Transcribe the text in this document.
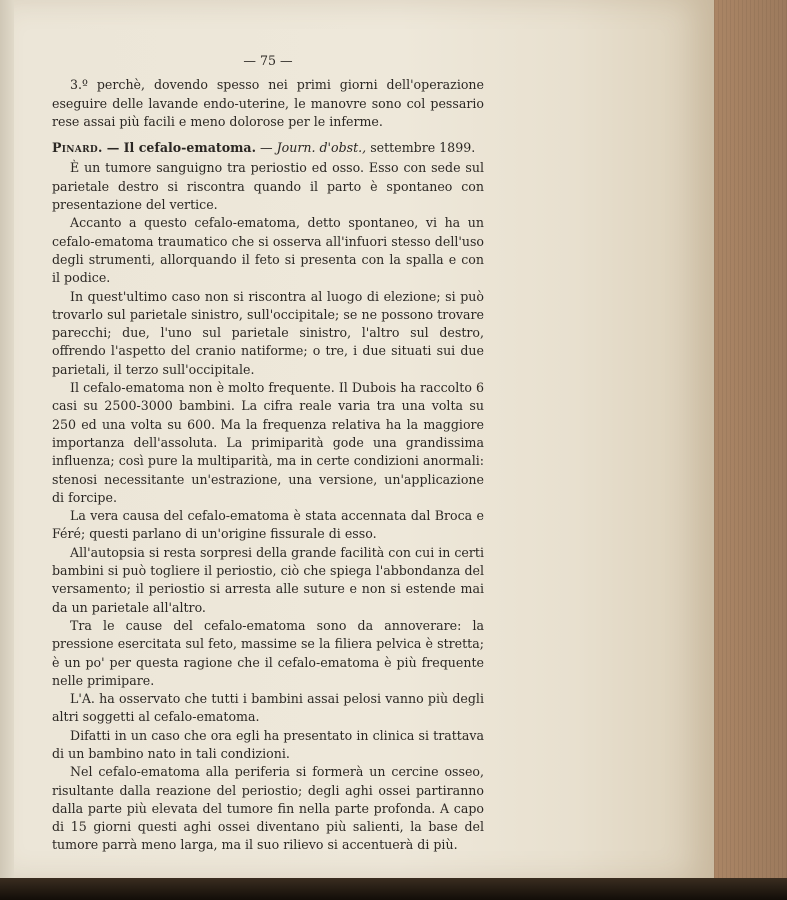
— 75 —

3.º perchè, dovendo spesso nei primi giorni dell'operazione eseguire delle lavande endo-uterine, le manovre sono col pessario rese assai più facili e meno dolorose per le inferme.

Pinard. — Il cefalo-ematoma. — Journ. d'obst., settembre 1899.

È un tumore sanguigno tra periostio ed osso. Esso con sede sul parietale destro si riscontra quando il parto è spontaneo con presentazione del vertice.

Accanto a questo cefalo-ematoma, detto spontaneo, vi ha un cefalo-ematoma traumatico che si osserva all'infuori stesso dell'uso degli strumenti, allorquando il feto si presenta con la spalla e con il podice.

In quest'ultimo caso non si riscontra al luogo di elezione; si può trovarlo sul parietale sinistro, sull'occipitale; se ne possono trovare parecchi; due, l'uno sul parietale sinistro, l'altro sul destro, offrendo l'aspetto del cranio natiforme; o tre, i due situati sui due parietali, il terzo sull'occipitale.

Il cefalo-ematoma non è molto frequente. Il Dubois ha raccolto 6 casi su 2500-3000 bambini. La cifra reale varia tra una volta su 250 ed una volta su 600. Ma la frequenza relativa ha la maggiore importanza dell'assoluta. La primiparità gode una grandissima influenza; così pure la multiparità, ma in certe condizioni anormali: stenosi necessitante un'estrazione, una versione, un'applicazione di forcipe.

La vera causa del cefalo-ematoma è stata accennata dal Broca e Féré; questi parlano di un'origine fissurale di esso.

All'autopsia si resta sorpresi della grande facilità con cui in certi bambini si può togliere il periostio, ciò che spiega l'abbondanza del versamento; il periostio si arresta alle suture e non si estende mai da un parietale all'altro.

Tra le cause del cefalo-ematoma sono da annoverare: la pressione esercitata sul feto, massime se la filiera pelvica è stretta; è un po' per questa ragione che il cefalo-ematoma è più frequente nelle primipare.

L'A. ha osservato che tutti i bambini assai pelosi vanno più degli altri soggetti al cefalo-ematoma.

Difatti in un caso che ora egli ha presentato in clinica si trattava di un bambino nato in tali condizioni.

Nel cefalo-ematoma alla periferia si formerà un cercine osseo, risultante dalla reazione del periostio; degli aghi ossei partiranno dalla parte più elevata del tumore fin nella parte profonda. A capo di 15 giorni questi aghi ossei diventano più salienti, la base del tumore parrà meno larga, ma il suo rilievo si accentuerà di più.
